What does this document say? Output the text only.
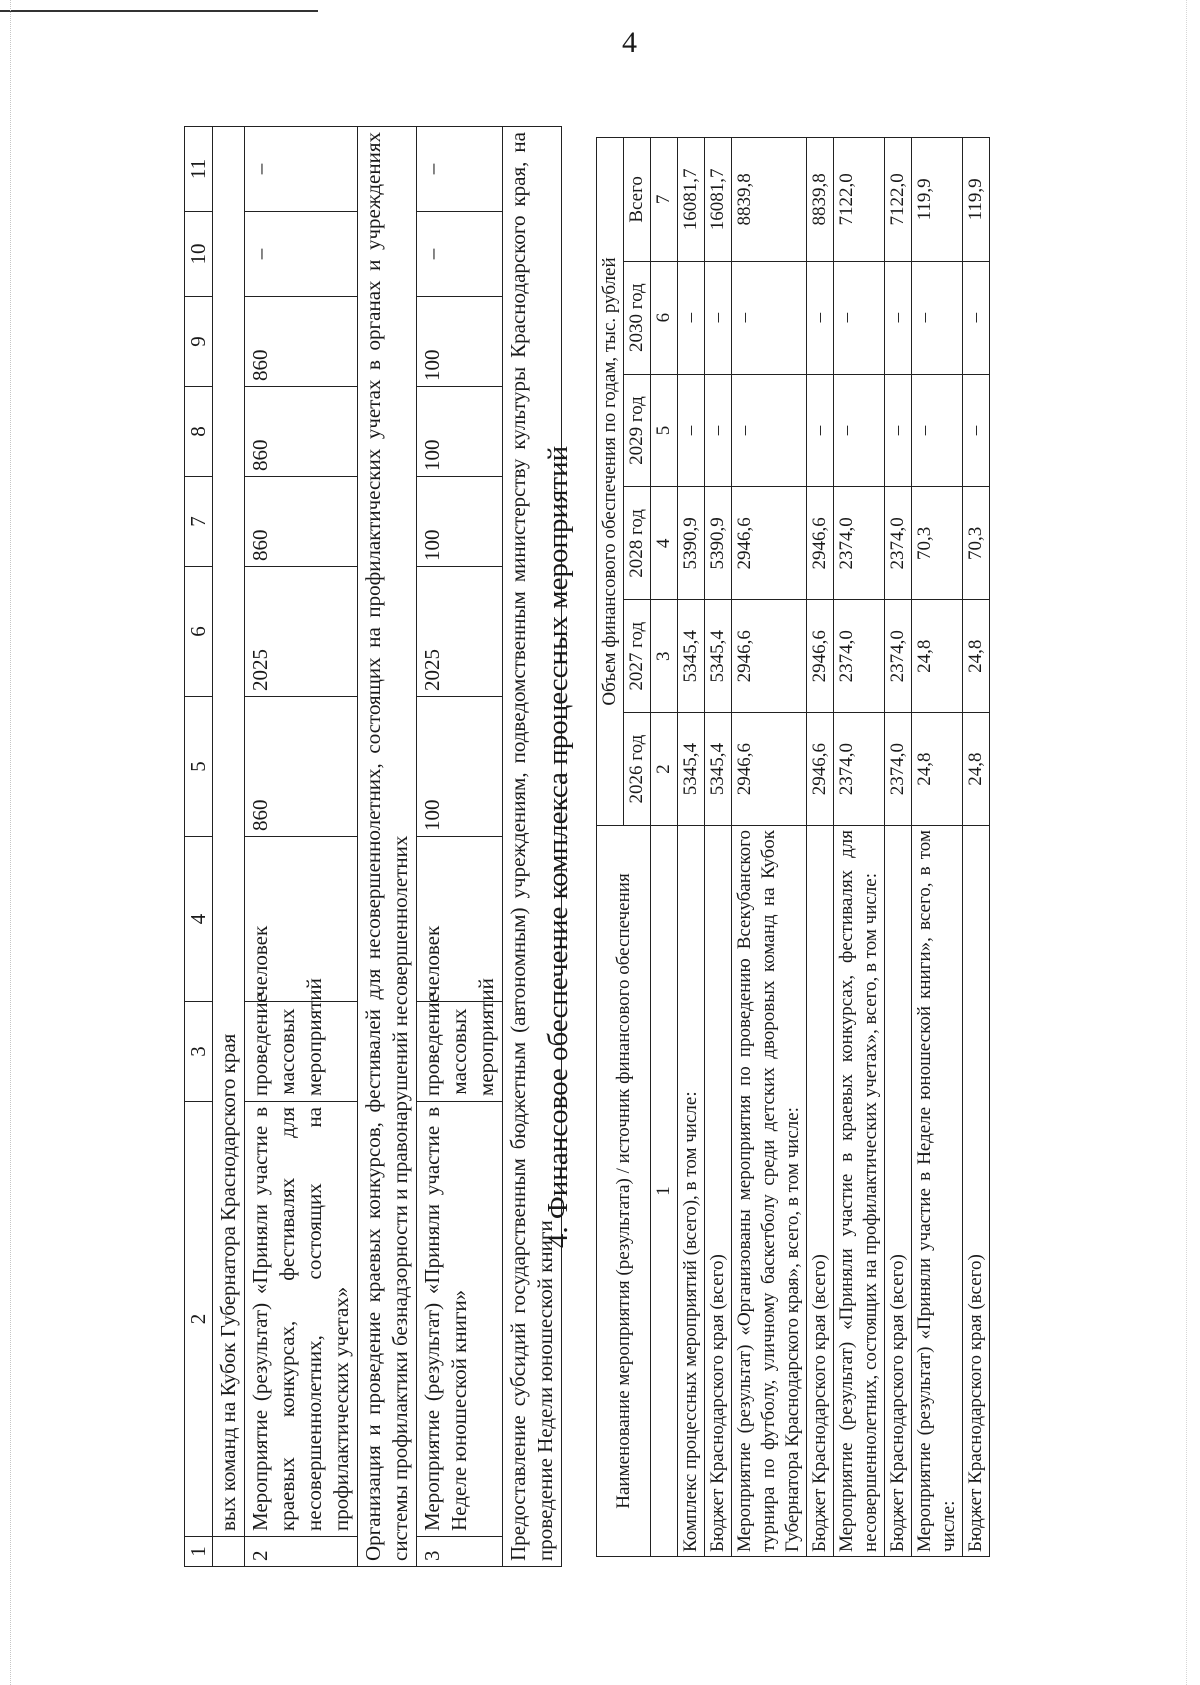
4
1	2	3	4	5	6	7	8	9	10	11
	вых команд на Кубок Губернатора Краснодарского края									
2	Мероприятие (результат) «Приняли участие в краевых конкурсах, фестивалях для несовершеннолетних, состоящих на профилактических учетах»	проведение массовых мероприятий	человек	860	2025	860	860	860	–	–
Организация и проведение краевых конкурсов, фестивалей для несовершеннолетних, состоящих на профилактических учетах в органах и учреждениях системы профилактики безнадзорности и правонарушений несовершеннолетних										
3	Мероприятие (результат) «Приняли участие в Неделе юношеской книги»	проведение массовых мероприятий	человек	100	2025	100	100	100	–	–
Предоставление субсидий государственным бюджетным (автономным) учреждениям, подведомственным министерству культуры Краснодарского края, на проведение Недели юношеской книги										
4. Финансовое обеспечение комплекса процессных мероприятий	Наименование мероприятия (результата) / источник финансового обеспечения	Объем финансового обеспечения по годам, тыс. рублей					
	2026 год	2027 год	2028 год	2029 год	2030 год	Всего
1	2	3	4	5	6	7
Комплекс процессных мероприятий (всего), в том числе:	5345,4	5345,4	5390,9	–	–	16081,7
Бюджет Краснодарского края (всего)	5345,4	5345,4	5390,9	–	–	16081,7
Мероприятие (результат) «Организованы мероприятия по проведению Всекубанского турнира по футболу, уличному баскетболу среди детских дворовых команд на Кубок Губернатора Краснодарского края», всего, в том числе:	2946,6	2946,6	2946,6	–	–	8839,8
Бюджет Краснодарского края (всего)	2946,6	2946,6	2946,6	–	–	8839,8
Мероприятие (результат) «Приняли участие в краевых конкурсах, фестивалях для несовершеннолетних, состоящих на профилактических учетах», всего, в том числе:	2374,0	2374,0	2374,0	–	–	7122,0
Бюджет Краснодарского края (всего)	2374,0	2374,0	2374,0	–	–	7122,0
Мероприятие (результат) «Приняли участие в Неделе юношеской книги», всего, в том числе:	24,8	24,8	70,3	–	–	119,9
Бюджет Краснодарского края (всего)	24,8	24,8	70,3	–	–	119,9
